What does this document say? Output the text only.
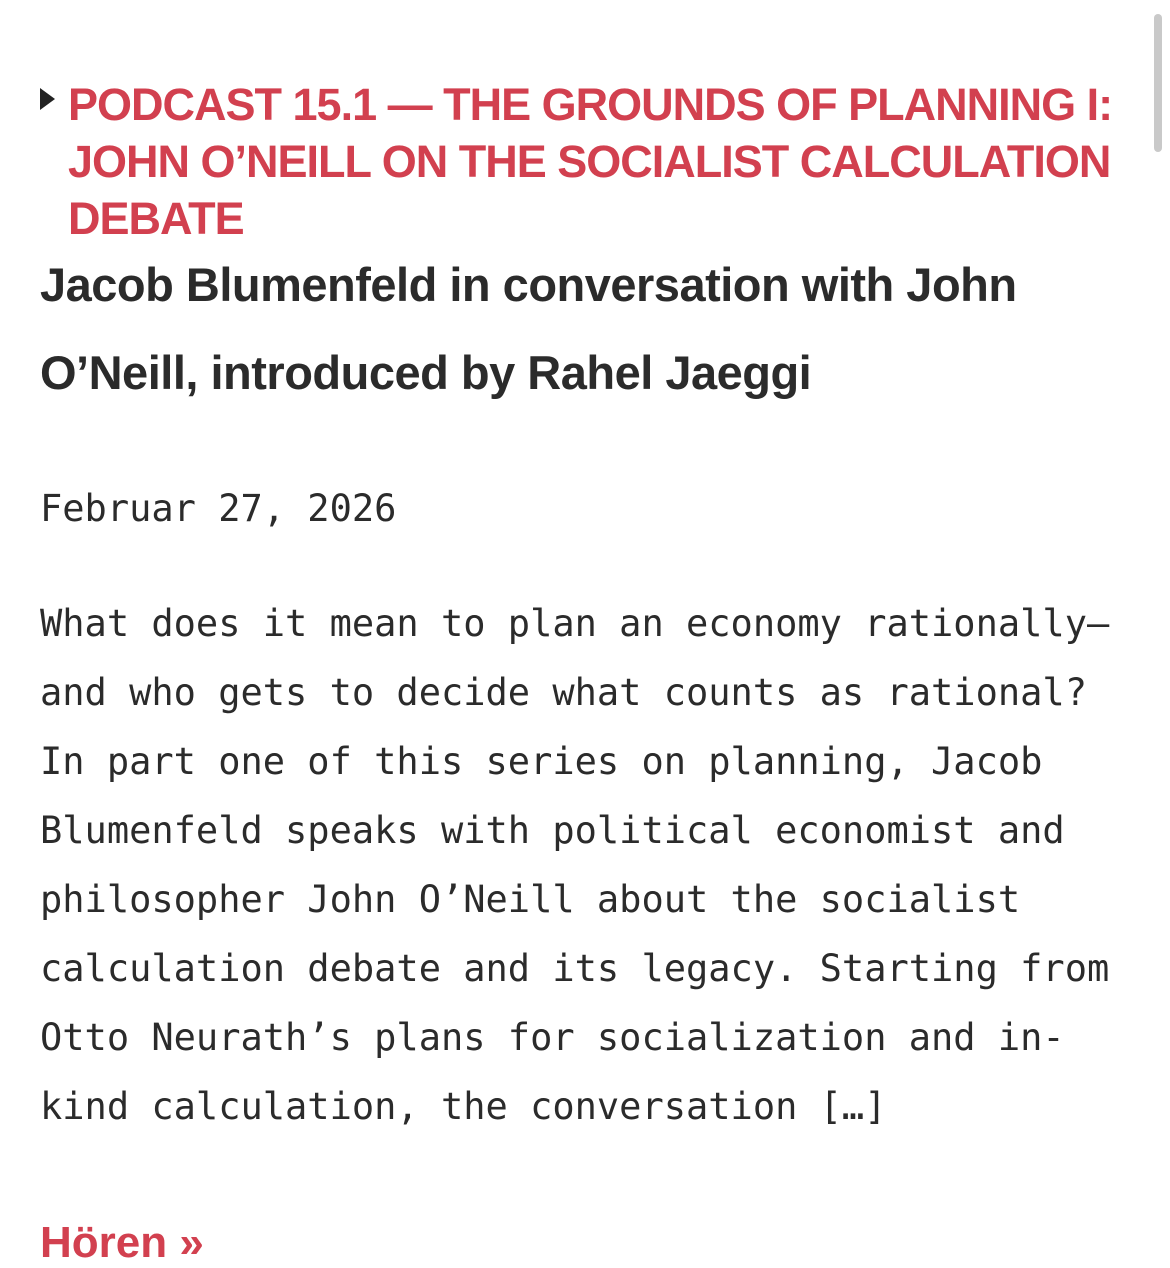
PODCAST 15.1 — THE GROUNDS OF PLANNING I: JOHN O’NEILL ON THE SOCIALIST CALCULATION DEBATE
Jacob Blumenfeld in conversation with John O’Neill, introduced by Rahel Jaeggi
Februar 27, 2026

What does it mean to plan an economy rationally—and who gets to decide what counts as rational? In part one of this series on planning, Jacob Blumenfeld speaks with political economist and philosopher John O’Neill about the socialist calculation debate and its legacy. Starting from Otto Neurath’s plans for socialization and in-kind calculation, the conversation […]

Hören »
